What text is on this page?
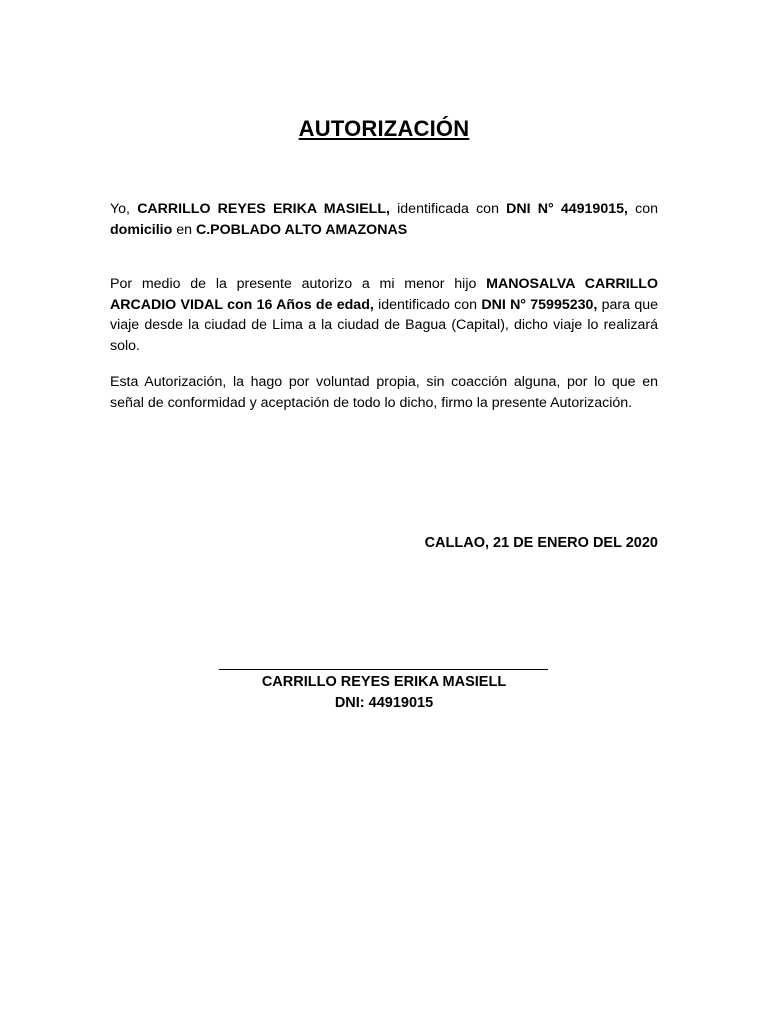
AUTORIZACIÓN
Yo, CARRILLO REYES ERIKA MASIELL, identificada con DNI N° 44919015, con domicilio en C.POBLADO ALTO AMAZONAS
Por medio de la presente autorizo a mi menor hijo MANOSALVA CARRILLO ARCADIO VIDAL con 16 Años de edad, identificado con DNI N° 75995230, para que viaje desde la ciudad de Lima a la ciudad de Bagua (Capital), dicho viaje lo realizará solo.
Esta Autorización, la hago por voluntad propia, sin coacción alguna, por lo que en señal de conformidad y aceptación de todo lo dicho, firmo la presente Autorización.
CALLAO, 21 DE ENERO DEL 2020
CARRILLO REYES ERIKA MASIELL
DNI: 44919015
